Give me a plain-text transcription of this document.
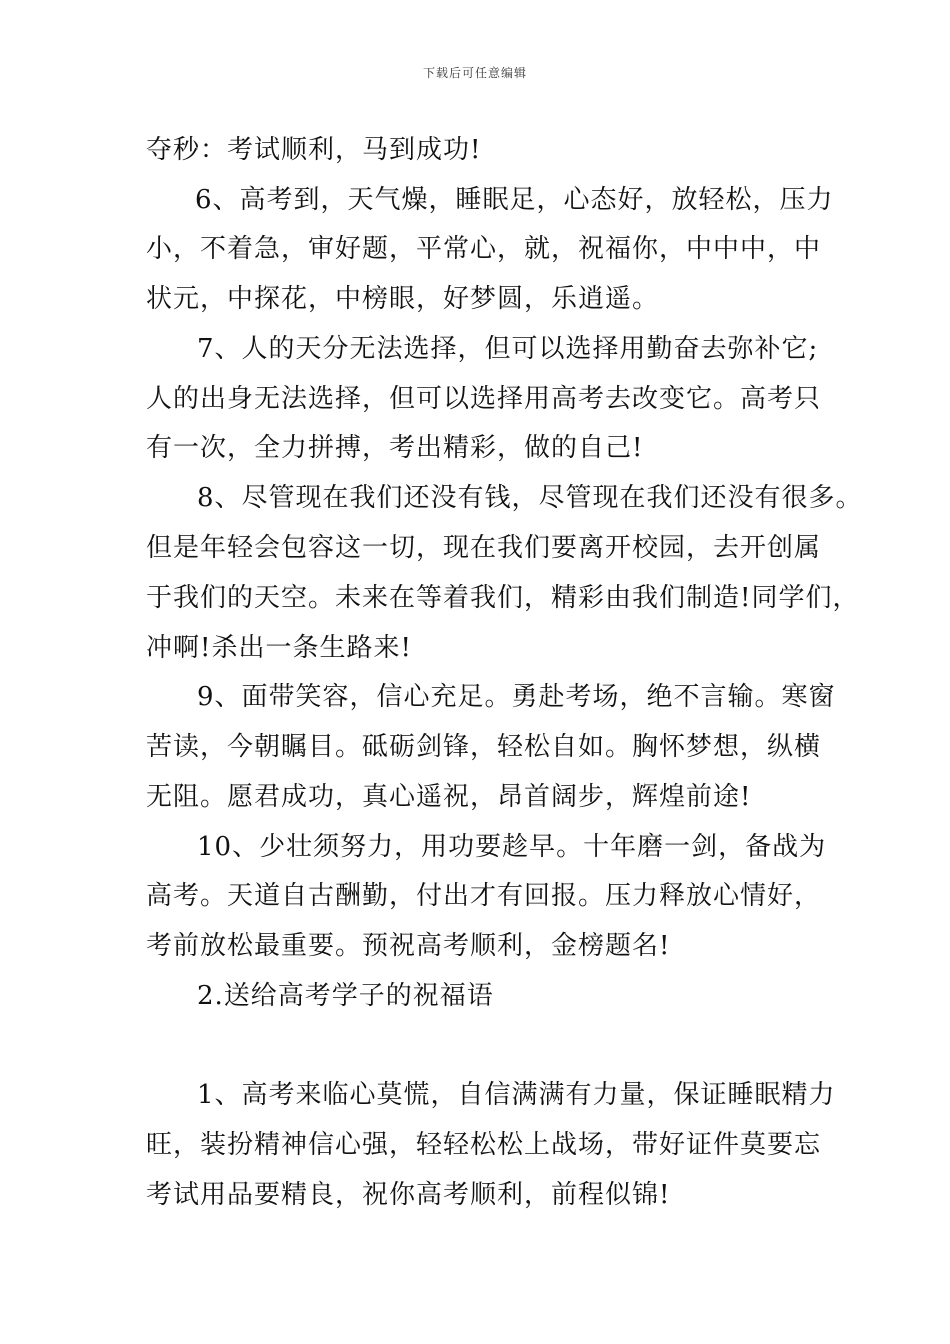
下载后可任意编辑
夺秒：考试顺利，马到成功!
6、高考到，天气燥，睡眠足，心态好，放轻松，压力
小，不着急，审好题，平常心，就，祝福你，中中中，中
状元，中探花，中榜眼，好梦圆，乐逍遥。
7、人的天分无法选择，但可以选择用勤奋去弥补它;
人的出身无法选择，但可以选择用高考去改变它。高考只
有一次，全力拼搏，考出精彩，做的自己!
8、尽管现在我们还没有钱，尽管现在我们还没有很多。
但是年轻会包容这一切，现在我们要离开校园，去开创属
于我们的天空。未来在等着我们，精彩由我们制造!同学们，
冲啊!杀出一条生路来!
9、面带笑容，信心充足。勇赴考场，绝不言输。寒窗
苦读，今朝瞩目。砥砺剑锋，轻松自如。胸怀梦想，纵横
无阻。愿君成功，真心遥祝，昂首阔步，辉煌前途!
10、少壮须努力，用功要趁早。十年磨一剑，备战为
高考。天道自古酬勤，付出才有回报。压力释放心情好，
考前放松最重要。预祝高考顺利，金榜题名!
2.送给高考学子的祝福语
1、高考来临心莫慌，自信满满有力量，保证睡眠精力
旺，装扮精神信心强，轻轻松松上战场，带好证件莫要忘
考试用品要精良，祝你高考顺利，前程似锦!
